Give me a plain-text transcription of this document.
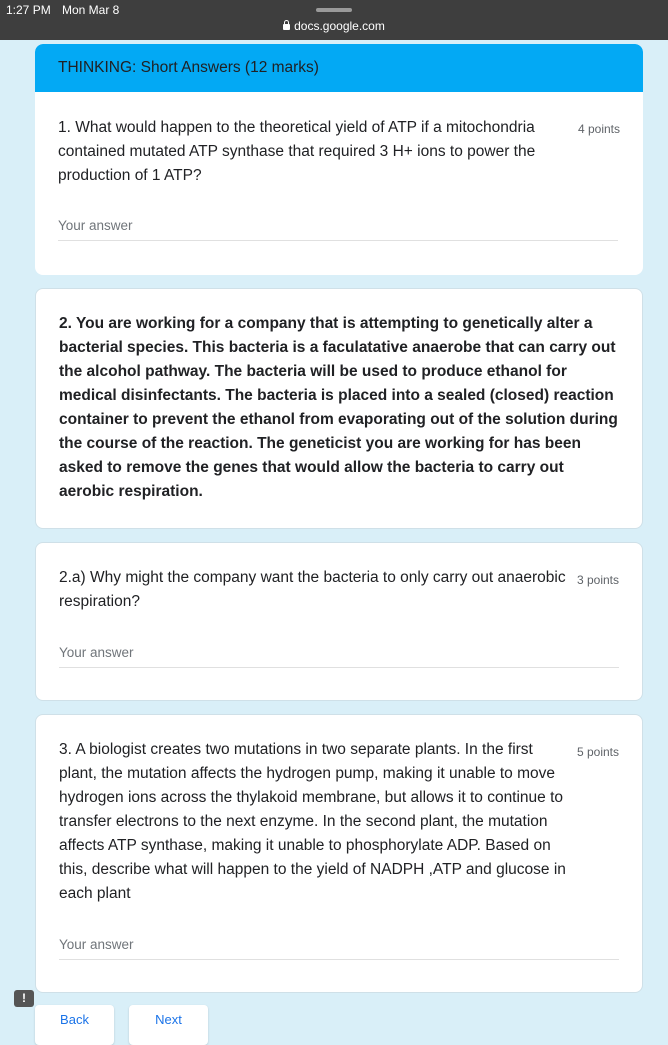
1:27 PM Mon Mar 8
docs.google.com
THINKING: Short Answers (12 marks)
1. What would happen to the theoretical yield of ATP if a mitochondria contained mutated ATP synthase that required 3 H+ ions to power the production of 1 ATP?
4 points
Your answer
2. You are working for a company that is attempting to genetically alter a bacterial species. This bacteria is a faculatative anaerobe that can carry out the alcohol pathway. The bacteria will be used to produce ethanol for medical disinfectants. The bacteria is placed into a sealed (closed) reaction container to prevent the ethanol from evaporating out of the solution during the course of the reaction. The geneticist you are working for has been asked to remove the genes that would allow the bacteria to carry out aerobic respiration.
2.a) Why might the company want the bacteria to only carry out anaerobic respiration?
3 points
Your answer
3. A biologist creates two mutations in two separate plants. In the first plant, the mutation affects the hydrogen pump, making it unable to move hydrogen ions across the thylakoid membrane, but allows it to continue to transfer electrons to the next enzyme. In the second plant, the mutation affects ATP synthase, making it unable to phosphorylate ADP. Based on this, describe what will happen to the yield of NADPH ,ATP and glucose in each plant
5 points
Your answer
!
Back	Next
